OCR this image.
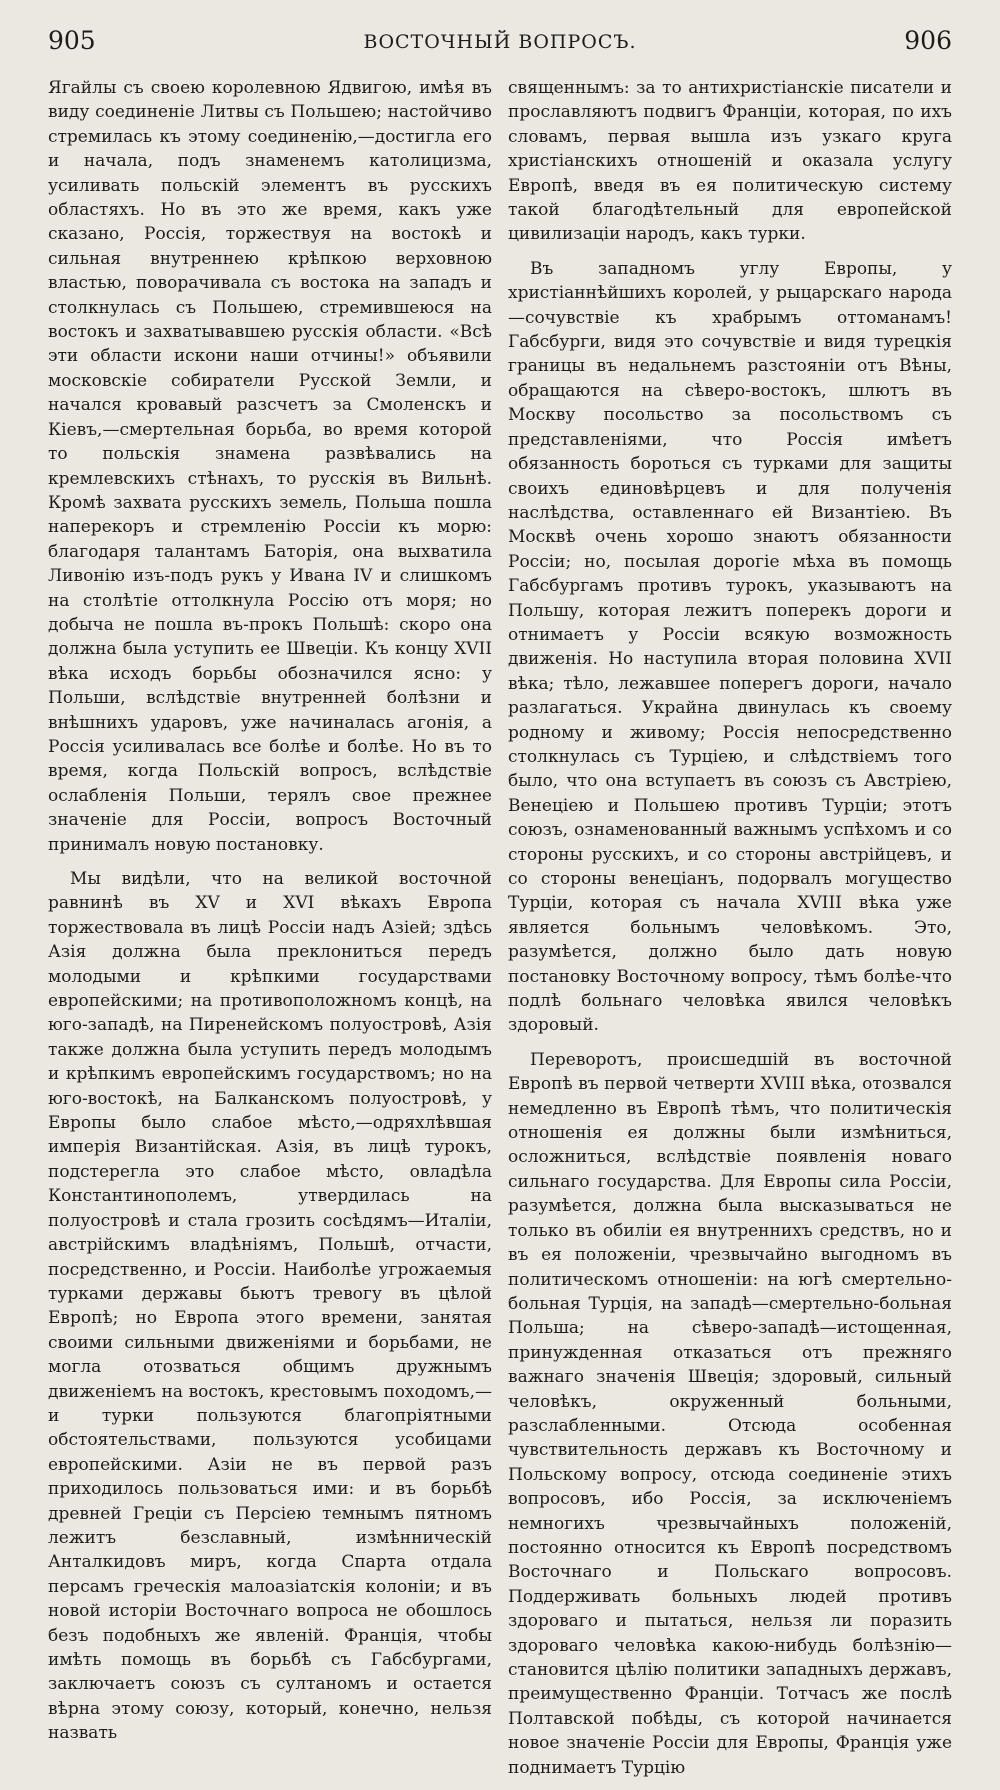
905	ВОСТОЧНЫЙ ВОПРОСЪ.	906

Ягайлы съ своею королевною Ядвигою, имѣя въ виду соединеніе Литвы съ Польшею; настойчиво стремилась къ этому соединенію,—достигла его и начала, подъ знаменемъ католицизма, усиливать польскій элементъ въ русскихъ областяхъ. Но въ это же время, какъ уже сказано, Россія, торжествуя на востокѣ и сильная внутреннею крѣпкою верховною властью, поворачивала съ востока на западъ и столкнулась съ Польшею, стремившеюся на востокъ и захватывавшею русскія области. «Всѣ эти области искони наши отчины!» объявили московскіе собиратели Русской Земли, и начался кровавый разсчетъ за Смоленскъ и Кіевъ,—смертельная борьба, во время которой то польскія знамена развѣвались на кремлевскихъ стѣнахъ, то русскія въ Вильнѣ. Кромѣ захвата русскихъ земель, Польша пошла наперекоръ и стремленію Россіи къ морю: благодаря талантамъ Баторія, она выхватила Ливонію изъ-подъ рукъ у Ивана IV и слишкомъ на столѣтіе оттолкнула Россію отъ моря; но добыча не пошла въ-прокъ Польшѣ: скоро она должна была уступить ее Швеціи. Къ концу XVII вѣка исходъ борьбы обозначился ясно: у Польши, вслѣдствіе внутренней болѣзни и внѣшнихъ ударовъ, уже начиналась агонія, а Россія усиливалась все болѣе и болѣе. Но въ то время, когда Польскій вопросъ, вслѣдствіе ослабленія Польши, терялъ свое прежнее значеніе для Россіи, вопросъ Восточный принималъ новую постановку.

Мы видѣли, что на великой восточной равнинѣ въ XV и XVI вѣкахъ Европа торжествовала въ лицѣ Россіи надъ Азіей; здѣсь Азія должна была преклониться передъ молодыми и крѣпкими государствами европейскими; на противоположномъ концѣ, на юго-западѣ, на Пиренейскомъ полуостровѣ, Азія также должна была уступить передъ молодымъ и крѣпкимъ европейскимъ государствомъ; но на юго-востокѣ, на Балканскомъ полуостровѣ, у Европы было слабое мѣсто,—одряхлѣвшая имперія Византійская. Азія, въ лицѣ турокъ, подстерегла это слабое мѣсто, овладѣла Константинополемъ, утвердилась на полуостровѣ и стала грозить сосѣдямъ—Италіи, австрійскимъ владѣніямъ, Польшѣ, отчасти, посредственно, и Россіи. Наиболѣе угрожаемыя турками державы бьютъ тревогу въ цѣлой Европѣ; но Европа этого времени, занятая своими сильными движеніями и борьбами, не могла отозваться общимъ дружнымъ движеніемъ на востокъ, крестовымъ походомъ,—и турки пользуются благопріятными обстоятельствами, пользуются усобицами европейскими. Азіи не въ первой разъ приходилось пользоваться ими: и въ борьбѣ древней Греціи съ Персіею темнымъ пятномъ лежитъ безславный, измѣнническій Анталкидовъ миръ, когда Спарта отдала персамъ греческія малоазіатскія колоніи; и въ новой исторіи Восточнаго вопроса не обошлось безъ подобныхъ же явленій. Франція, чтобы имѣть помощь въ борьбѣ съ Габсбургами, заключаетъ союзъ съ султаномъ и остается вѣрна этому союзу, который, конечно, нельзя назвать

священнымъ: за то антихристіанскіе писатели и прославляютъ подвигъ Франціи, которая, по ихъ словамъ, первая вышла изъ узкаго круга христіанскихъ отношеній и оказала услугу Европѣ, введя въ ея политическую систему такой благодѣтельный для европейской цивилизаціи народъ, какъ турки.

Въ западномъ углу Европы, у христіаннѣйшихъ королей, у рыцарскаго народа—сочувствіе къ храбрымъ оттоманамъ! Габсбурги, видя это сочувствіе и видя турецкія границы въ недальнемъ разстояніи отъ Вѣны, обращаются на сѣверо-востокъ, шлютъ въ Москву посольство за посольствомъ съ представленіями, что Россія имѣетъ обязанность бороться съ турками для защиты своихъ единовѣрцевъ и для полученія наслѣдства, оставленнаго ей Византіею. Въ Москвѣ очень хорошо знаютъ обязанности Россіи; но, посылая дорогіе мѣха въ помощь Габсбургамъ противъ турокъ, указываютъ на Польшу, которая лежитъ поперекъ дороги и отнимаетъ у Россіи всякую возможность движенія. Но наступила вторая половина XVII вѣка; тѣло, лежавшее поперегъ дороги, начало разлагаться. Украйна двинулась къ своему родному и живому; Россія непосредственно столкнулась съ Турціею, и слѣдствіемъ того было, что она вступаетъ въ союзъ съ Австріею, Венеціею и Польшею противъ Турціи; этотъ союзъ, ознаменованный важнымъ успѣхомъ и со стороны русскихъ, и со стороны австрійцевъ, и со стороны венеціанъ, подорвалъ могущество Турціи, которая съ начала XVIII вѣка уже является больнымъ человѣкомъ. Это, разумѣется, должно было дать новую постановку Восточному вопросу, тѣмъ болѣе-что подлѣ больнаго человѣка явился человѣкъ здоровый.

Переворотъ, происшедшій въ восточной Европѣ въ первой четверти XVIII вѣка, отозвался немедленно въ Европѣ тѣмъ, что политическія отношенія ея должны были измѣниться, осложниться, вслѣдствіе появленія новаго сильнаго государства. Для Европы сила Россіи, разумѣется, должна была высказываться не только въ обиліи ея внутреннихъ средствъ, но и въ ея положеніи, чрезвычайно выгодномъ въ политическомъ отношеніи: на югѣ смертельно-больная Турція, на западѣ—смертельно-больная Польша; на сѣверо-западѣ—истощенная, принужденная отказаться отъ прежняго важнаго значенія Швеція; здоровый, сильный человѣкъ, окруженный больными, разслабленными. Отсюда особенная чувствительность державъ къ Восточному и Польскому вопросу, отсюда соединеніе этихъ вопросовъ, ибо Россія, за исключеніемъ немногихъ чрезвычайныхъ положеній, постоянно относится къ Европѣ посредствомъ Восточнаго и Польскаго вопросовъ. Поддерживать больныхъ людей противъ здороваго и пытаться, нельзя ли поразить здороваго человѣка какою-нибудь болѣзнію—становится цѣлію политики западныхъ державъ, преимущественно Франціи. Тотчасъ же послѣ Полтавской побѣды, съ которой начинается новое значеніе Россіи для Европы, Франція уже поднимаетъ Турцію
